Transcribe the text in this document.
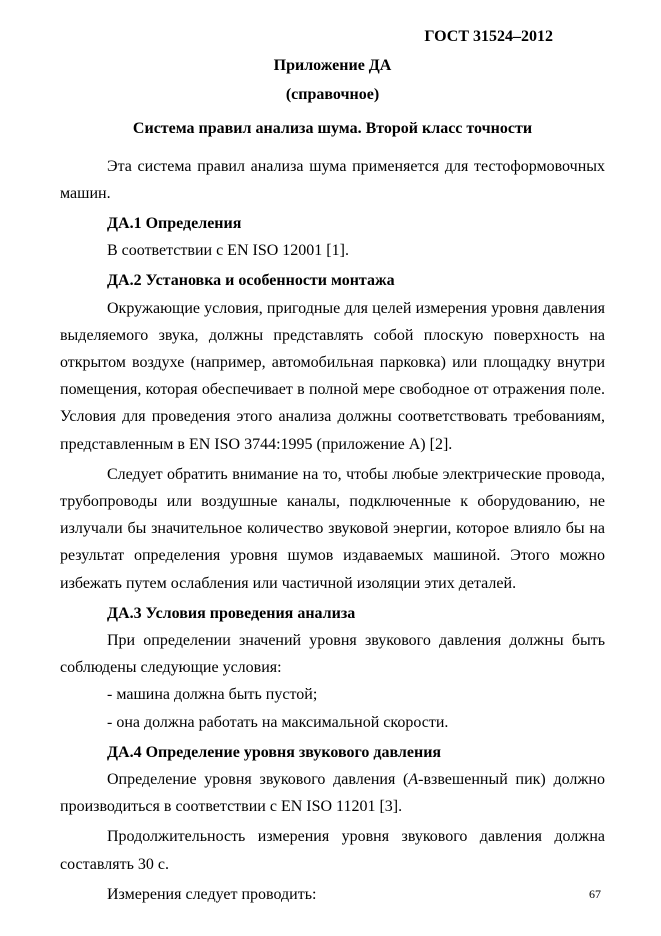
ГОСТ 31524–2012
Приложение ДА
(справочное)
Система правил анализа шума. Второй класс точности

Эта система правил анализа шума применяется для тестоформовочных машин.

ДА.1 Определения

В соответствии с EN ISO 12001 [1].

ДА.2 Установка и особенности монтажа

Окружающие условия, пригодные для целей измерения уровня давления выделяемого звука, должны представлять собой плоскую поверхность на открытом воздухе (например, автомобильная парковка) или площадку внутри помещения, которая обеспечивает в полной мере свободное от отражения поле. Условия для проведения этого анализа должны соответствовать требованиям, представленным в EN ISO 3744:1995 (приложение А) [2].

Следует обратить внимание на то, чтобы любые электрические провода, трубопроводы или воздушные каналы, подключенные к оборудованию, не излучали бы значительное количество звуковой энергии, которое влияло бы на результат определения уровня шумов издаваемых машиной. Этого можно избежать путем ослабления или частичной изоляции этих деталей.

ДА.3 Условия проведения анализа

При определении значений уровня звукового давления должны быть соблюдены следующие условия:

- машина должна быть пустой;

- она должна работать на максимальной скорости.

ДА.4 Определение уровня звукового давления

Определение уровня звукового давления (A-взвешенный пик) должно производиться в соответствии с EN ISO 11201 [3].

Продолжительность измерения уровня звукового давления должна составлять 30 с.

Измерения следует проводить:	67
